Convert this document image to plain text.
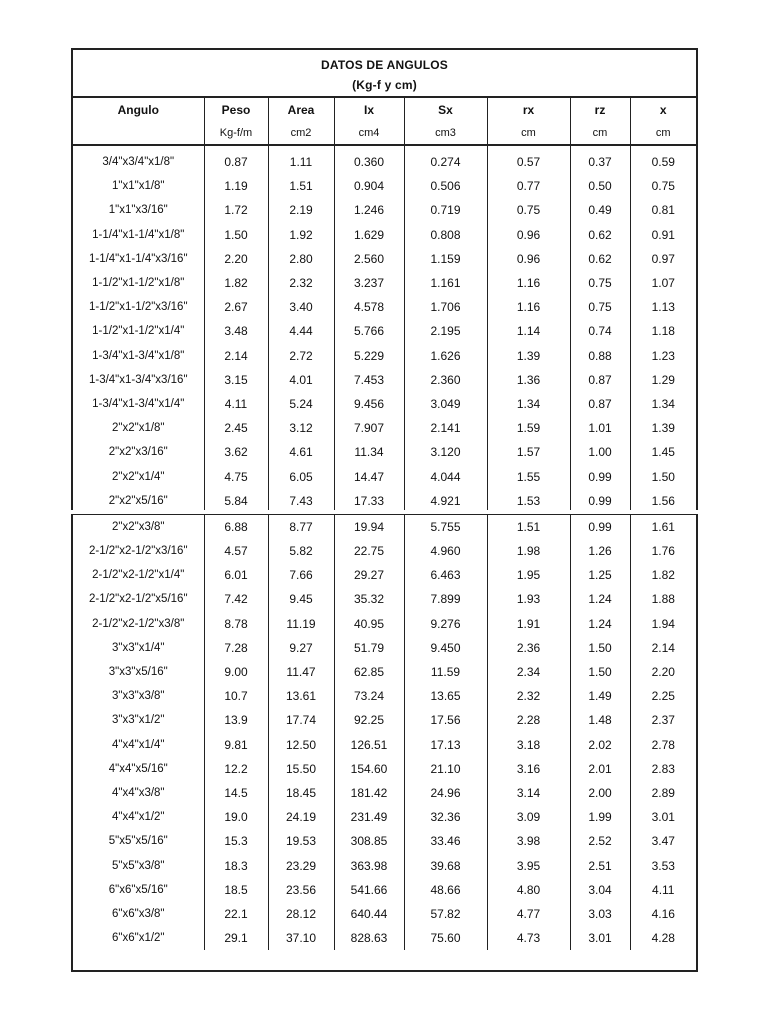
DATOS DE ANGULOS
(Kg-f y cm)
Angulo	Peso	Area	Ix	Sx	rx	rz	x
	Kg-f/m	cm2	cm4	cm3	cm	cm	cm
3/4"x3/4"x1/8"	0.87	1.11	0.360	0.274	0.57	0.37	0.59
1"x1"x1/8"	1.19	1.51	0.904	0.506	0.77	0.50	0.75
1"x1"x3/16"	1.72	2.19	1.246	0.719	0.75	0.49	0.81
1-1/4"x1-1/4"x1/8"	1.50	1.92	1.629	0.808	0.96	0.62	0.91
1-1/4"x1-1/4"x3/16"	2.20	2.80	2.560	1.159	0.96	0.62	0.97
1-1/2"x1-1/2"x1/8"	1.82	2.32	3.237	1.161	1.16	0.75	1.07
1-1/2"x1-1/2"x3/16"	2.67	3.40	4.578	1.706	1.16	0.75	1.13
1-1/2"x1-1/2"x1/4"	3.48	4.44	5.766	2.195	1.14	0.74	1.18
1-3/4"x1-3/4"x1/8"	2.14	2.72	5.229	1.626	1.39	0.88	1.23
1-3/4"x1-3/4"x3/16"	3.15	4.01	7.453	2.360	1.36	0.87	1.29
1-3/4"x1-3/4"x1/4"	4.11	5.24	9.456	3.049	1.34	0.87	1.34
2"x2"x1/8"	2.45	3.12	7.907	2.141	1.59	1.01	1.39
2"x2"x3/16"	3.62	4.61	11.34	3.120	1.57	1.00	1.45
2"x2"x1/4"	4.75	6.05	14.47	4.044	1.55	0.99	1.50
2"x2"x5/16"	5.84	7.43	17.33	4.921	1.53	0.99	1.56
2"x2"x3/8"	6.88	8.77	19.94	5.755	1.51	0.99	1.61
2-1/2"x2-1/2"x3/16"	4.57	5.82	22.75	4.960	1.98	1.26	1.76
2-1/2"x2-1/2"x1/4"	6.01	7.66	29.27	6.463	1.95	1.25	1.82
2-1/2"x2-1/2"x5/16"	7.42	9.45	35.32	7.899	1.93	1.24	1.88
2-1/2"x2-1/2"x3/8"	8.78	11.19	40.95	9.276	1.91	1.24	1.94
3"x3"x1/4"	7.28	9.27	51.79	9.450	2.36	1.50	2.14
3"x3"x5/16"	9.00	11.47	62.85	11.59	2.34	1.50	2.20
3"x3"x3/8"	10.7	13.61	73.24	13.65	2.32	1.49	2.25
3"x3"x1/2"	13.9	17.74	92.25	17.56	2.28	1.48	2.37
4"x4"x1/4"	9.81	12.50	126.51	17.13	3.18	2.02	2.78
4"x4"x5/16"	12.2	15.50	154.60	21.10	3.16	2.01	2.83
4"x4"x3/8"	14.5	18.45	181.42	24.96	3.14	2.00	2.89
4"x4"x1/2"	19.0	24.19	231.49	32.36	3.09	1.99	3.01
5"x5"x5/16"	15.3	19.53	308.85	33.46	3.98	2.52	3.47
5"x5"x3/8"	18.3	23.29	363.98	39.68	3.95	2.51	3.53
6"x6"x5/16"	18.5	23.56	541.66	48.66	4.80	3.04	4.11
6"x6"x3/8"	22.1	28.12	640.44	57.82	4.77	3.03	4.16
6"x6"x1/2"	29.1	37.10	828.63	75.60	4.73	3.01	4.28
